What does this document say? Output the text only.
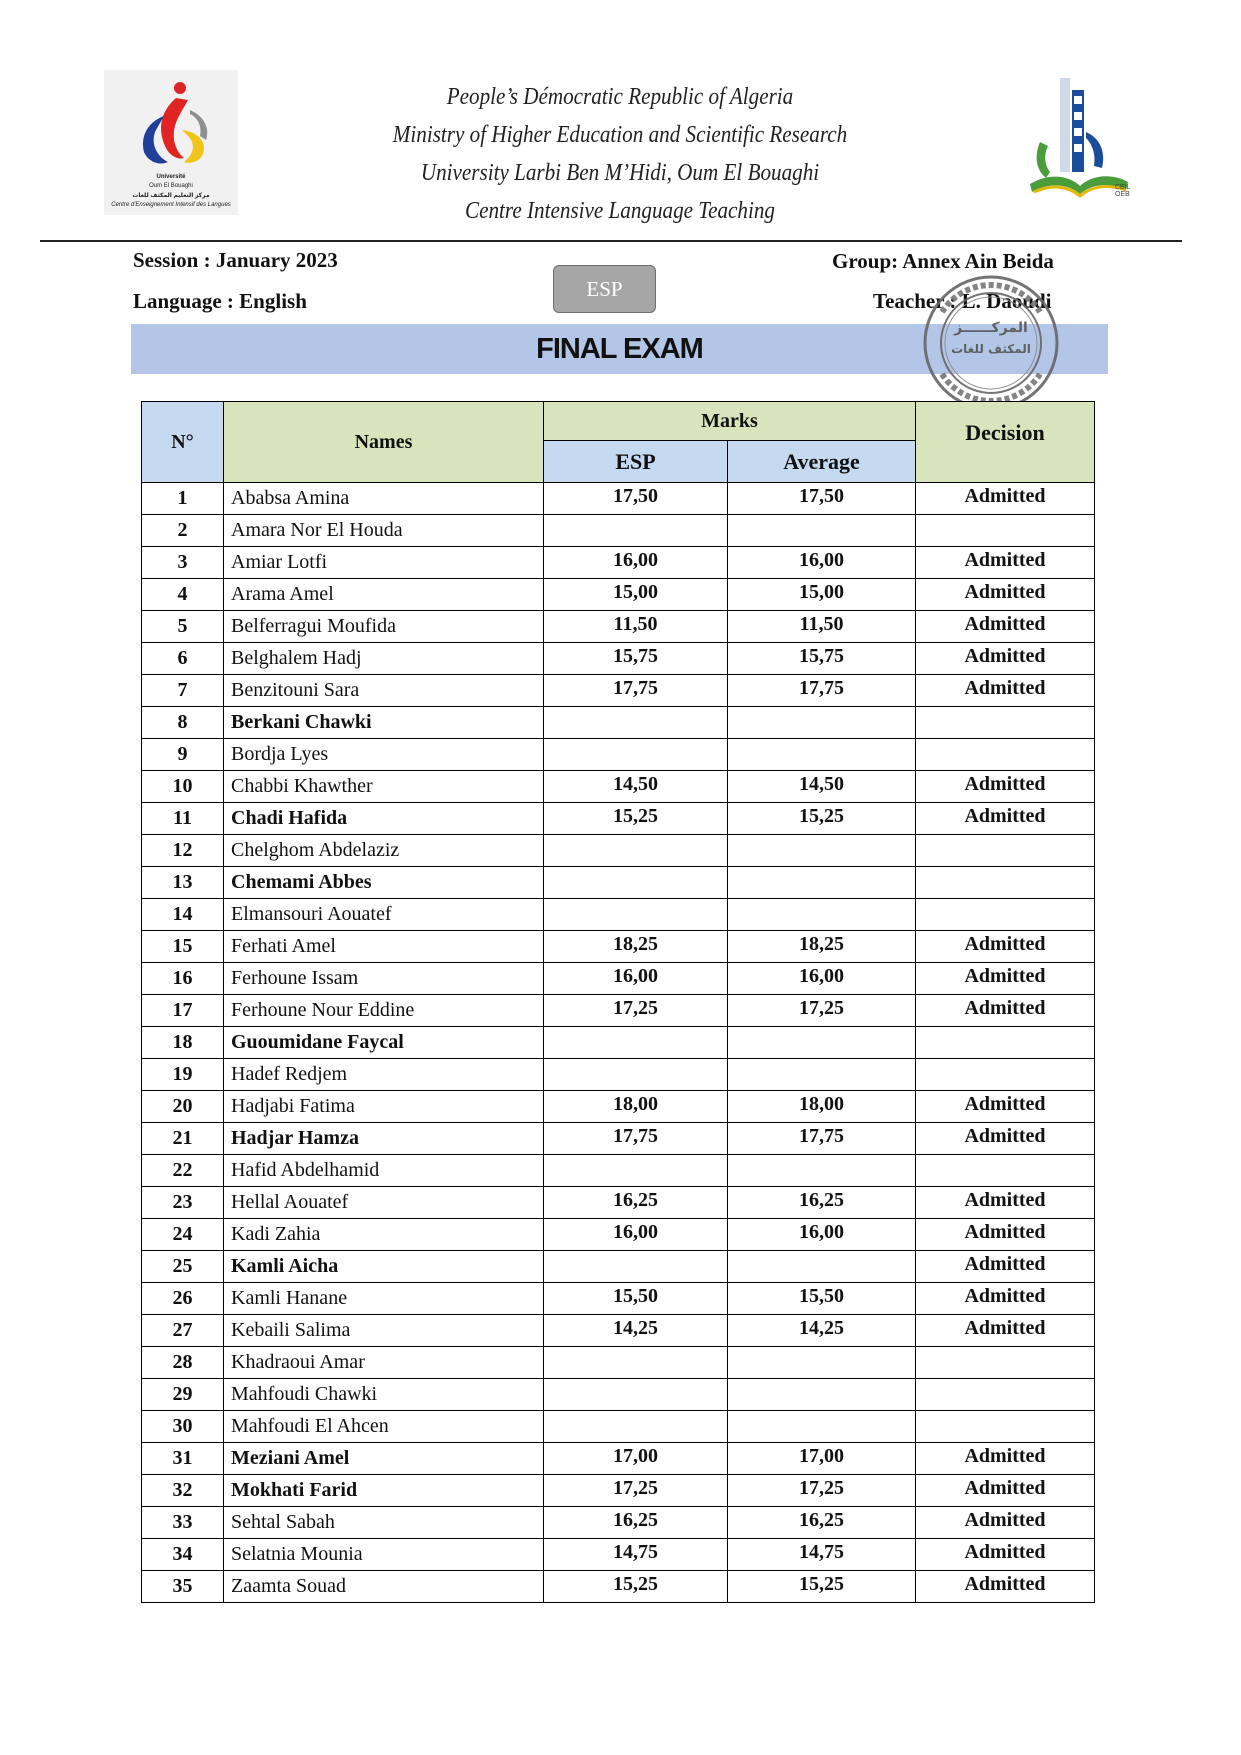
Université
Oum El Bouaghi
مركز التعليم المكثف للغات
Centre d'Enseignement Intensif des Langues
CEIL OEB
People’s Démocratic Republic of Algeria
Ministry of Higher Education and Scientific Research
University Larbi Ben M’Hidi, Oum El Bouaghi
Centre Intensive Language Teaching
Session : January 2023
Language : English
Group: Annex Ain Beida
Teacher : L. Daoudi
ESP
FINAL EXAM
المركــــــز
المكثف للغات
N°	Names	Marks		Decision
		ESP	Average	
1	Ababsa Amina	17,50	17,50	Admitted
2	Amara Nor El Houda			
3	Amiar Lotfi	16,00	16,00	Admitted
4	Arama Amel	15,00	15,00	Admitted
5	Belferragui Moufida	11,50	11,50	Admitted
6	Belghalem Hadj	15,75	15,75	Admitted
7	Benzitouni Sara	17,75	17,75	Admitted
8	Berkani Chawki			
9	Bordja Lyes			
10	Chabbi Khawther	14,50	14,50	Admitted
11	Chadi Hafida	15,25	15,25	Admitted
12	Chelghom Abdelaziz			
13	Chemami Abbes			
14	Elmansouri Aouatef			
15	Ferhati Amel	18,25	18,25	Admitted
16	Ferhoune Issam	16,00	16,00	Admitted
17	Ferhoune Nour Eddine	17,25	17,25	Admitted
18	Guoumidane Faycal			
19	Hadef Redjem			
20	Hadjabi Fatima	18,00	18,00	Admitted
21	Hadjar Hamza	17,75	17,75	Admitted
22	Hafid Abdelhamid			
23	Hellal Aouatef	16,25	16,25	Admitted
24	Kadi Zahia	16,00	16,00	Admitted
25	Kamli Aicha			Admitted
26	Kamli Hanane	15,50	15,50	Admitted
27	Kebaili Salima	14,25	14,25	Admitted
28	Khadraoui Amar			
29	Mahfoudi Chawki			
30	Mahfoudi El Ahcen			
31	Meziani Amel	17,00	17,00	Admitted
32	Mokhati Farid	17,25	17,25	Admitted
33	Sehtal Sabah	16,25	16,25	Admitted
34	Selatnia Mounia	14,75	14,75	Admitted
35	Zaamta Souad	15,25	15,25	Admitted
